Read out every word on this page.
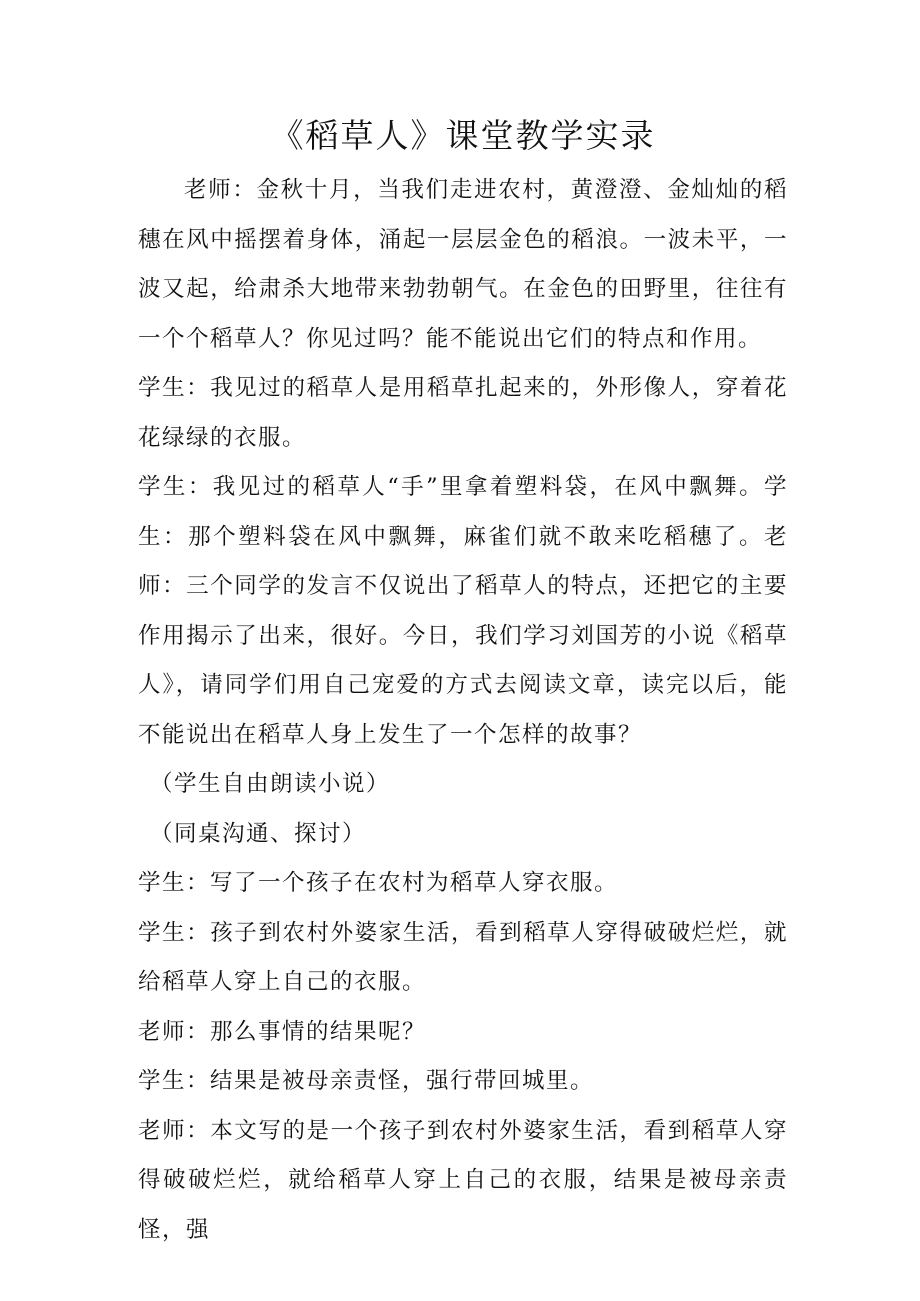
《稻草人》课堂教学实录

老师：金秋十月，当我们走进农村，黄澄澄、金灿灿的稻穗在风中摇摆着身体，涌起一层层金色的稻浪。一波未平，一波又起，给肃杀大地带来勃勃朝气。在金色的田野里，往往有一个个稻草人？你见过吗？能不能说出它们的特点和作用。

学生：我见过的稻草人是用稻草扎起来的，外形像人，穿着花花绿绿的衣服。

学生：我见过的稻草人“手”里拿着塑料袋，在风中飘舞。学生：那个塑料袋在风中飘舞，麻雀们就不敢来吃稻穗了。老师：三个同学的发言不仅说出了稻草人的特点，还把它的主要作用揭示了出来，很好。今日，我们学习刘国芳的小说《稻草人》，请同学们用自己宠爱的方式去阅读文章，读完以后，能不能说出在稻草人身上发生了一个怎样的故事？

（学生自由朗读小说）

（同桌沟通、探讨）

学生：写了一个孩子在农村为稻草人穿衣服。

学生：孩子到农村外婆家生活，看到稻草人穿得破破烂烂，就给稻草人穿上自己的衣服。

老师：那么事情的结果呢？

学生：结果是被母亲责怪，强行带回城里。

老师：本文写的是一个孩子到农村外婆家生活，看到稻草人穿得破破烂烂，就给稻草人穿上自己的衣服，结果是被母亲责怪，强
